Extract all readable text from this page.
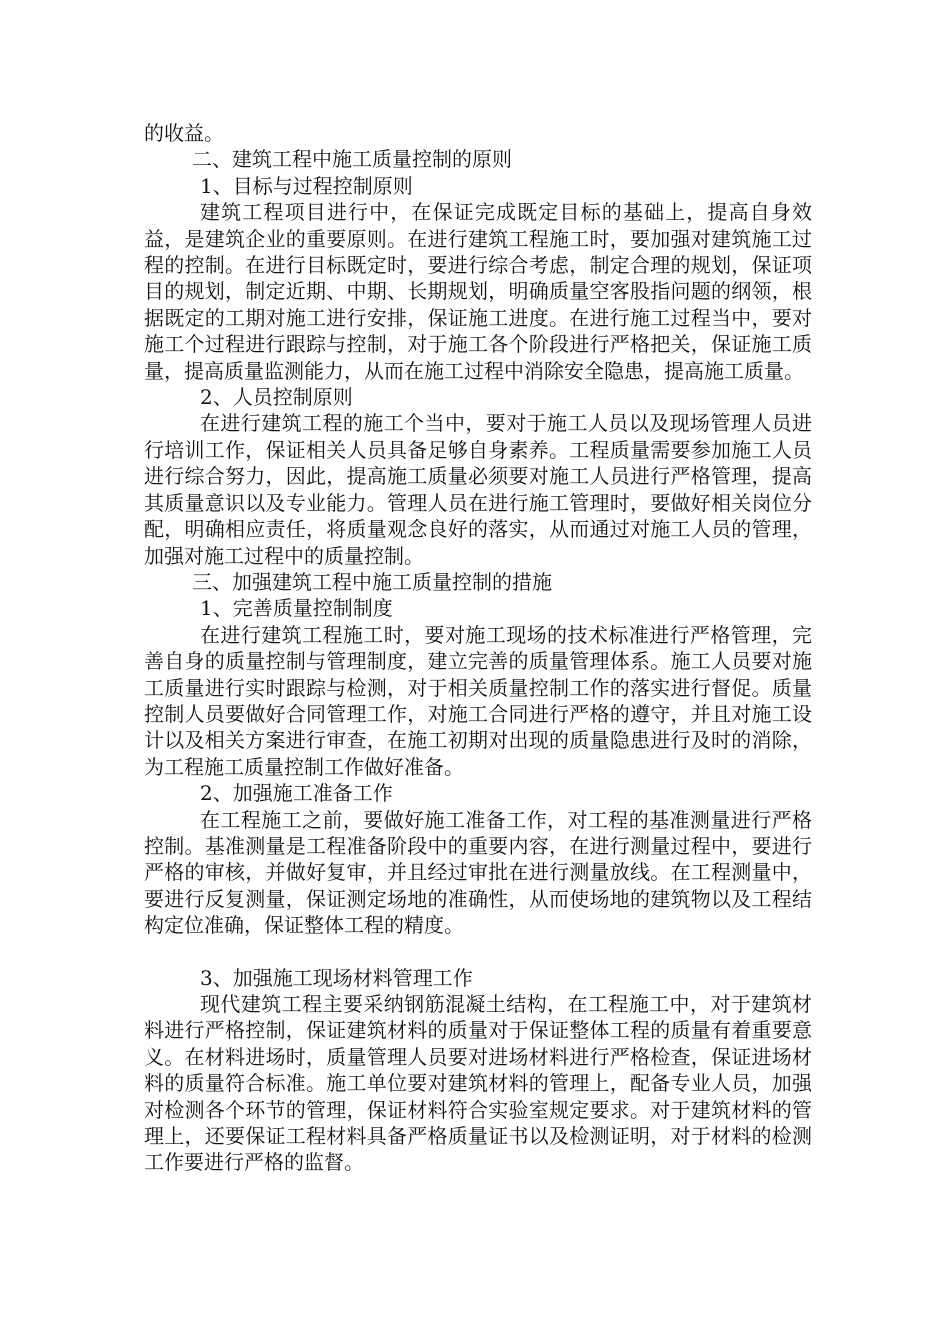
的收益。

二、建筑工程中施工质量控制的原则

1、目标与过程控制原则

建筑工程项目进行中，在保证完成既定目标的基础上，提高自身效益，是建筑企业的重要原则。在进行建筑工程施工时，要加强对建筑施工过程的控制。在进行目标既定时，要进行综合考虑，制定合理的规划，保证项目的规划，制定近期、中期、长期规划，明确质量空客股指问题的纲领，根据既定的工期对施工进行安排，保证施工进度。在进行施工过程当中，要对施工个过程进行跟踪与控制，对于施工各个阶段进行严格把关，保证施工质量，提高质量监测能力，从而在施工过程中消除安全隐患，提高施工质量。

2、人员控制原则

在进行建筑工程的施工个当中，要对于施工人员以及现场管理人员进行培训工作，保证相关人员具备足够自身素养。工程质量需要参加施工人员进行综合努力，因此，提高施工质量必须要对施工人员进行严格管理，提高其质量意识以及专业能力。管理人员在进行施工管理时，要做好相关岗位分配，明确相应责任，将质量观念良好的落实，从而通过对施工人员的管理，加强对施工过程中的质量控制。

三、加强建筑工程中施工质量控制的措施

1、完善质量控制制度

在进行建筑工程施工时，要对施工现场的技术标准进行严格管理，完善自身的质量控制与管理制度，建立完善的质量管理体系。施工人员要对施工质量进行实时跟踪与检测，对于相关质量控制工作的落实进行督促。质量控制人员要做好合同管理工作，对施工合同进行严格的遵守，并且对施工设计以及相关方案进行审查，在施工初期对出现的质量隐患进行及时的消除，为工程施工质量控制工作做好准备。

2、加强施工准备工作

在工程施工之前，要做好施工准备工作，对工程的基准测量进行严格控制。基准测量是工程准备阶段中的重要内容，在进行测量过程中，要进行严格的审核，并做好复审，并且经过审批在进行测量放线。在工程测量中，要进行反复测量，保证测定场地的准确性，从而使场地的建筑物以及工程结构定位准确，保证整体工程的精度。

3、加强施工现场材料管理工作

现代建筑工程主要采纳钢筋混凝土结构，在工程施工中，对于建筑材料进行严格控制，保证建筑材料的质量对于保证整体工程的质量有着重要意义。在材料进场时，质量管理人员要对进场材料进行严格检查，保证进场材料的质量符合标准。施工单位要对建筑材料的管理上，配备专业人员，加强对检测各个环节的管理，保证材料符合实验室规定要求。对于建筑材料的管理上，还要保证工程材料具备严格质量证书以及检测证明，对于材料的检测工作要进行严格的监督。
